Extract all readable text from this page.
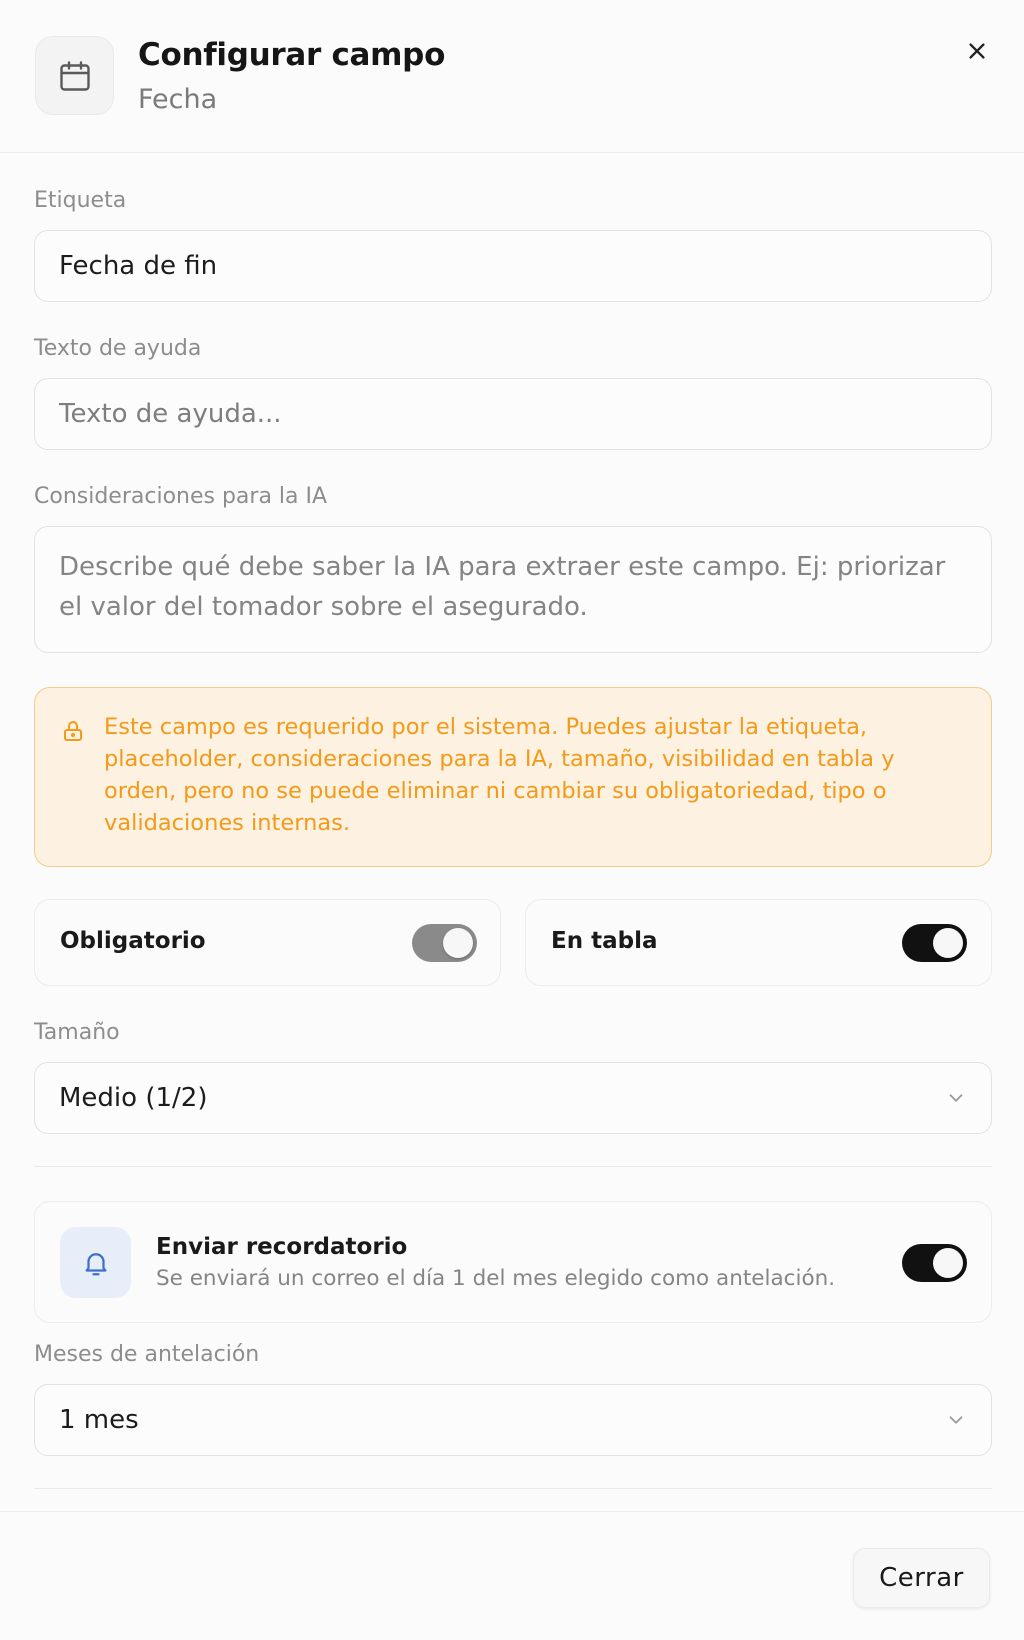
Configurar campo
Fecha
Etiqueta
Fecha de fin
Texto de ayuda
Texto de ayuda...
Consideraciones para la IA
Describe qué debe saber la IA para extraer este campo. Ej: priorizar el valor del tomador sobre el asegurado.
Este campo es requerido por el sistema. Puedes ajustar la etiqueta, placeholder, consideraciones para la IA, tamaño, visibilidad en tabla y orden, pero no se puede eliminar ni cambiar su obligatoriedad, tipo o validaciones internas.
Obligatorio	En tabla
Tamaño
Medio (1/2)
Enviar recordatorio
Se enviará un correo el día 1 del mes elegido como antelación.
Meses de antelación
1 mes
Cerrar
